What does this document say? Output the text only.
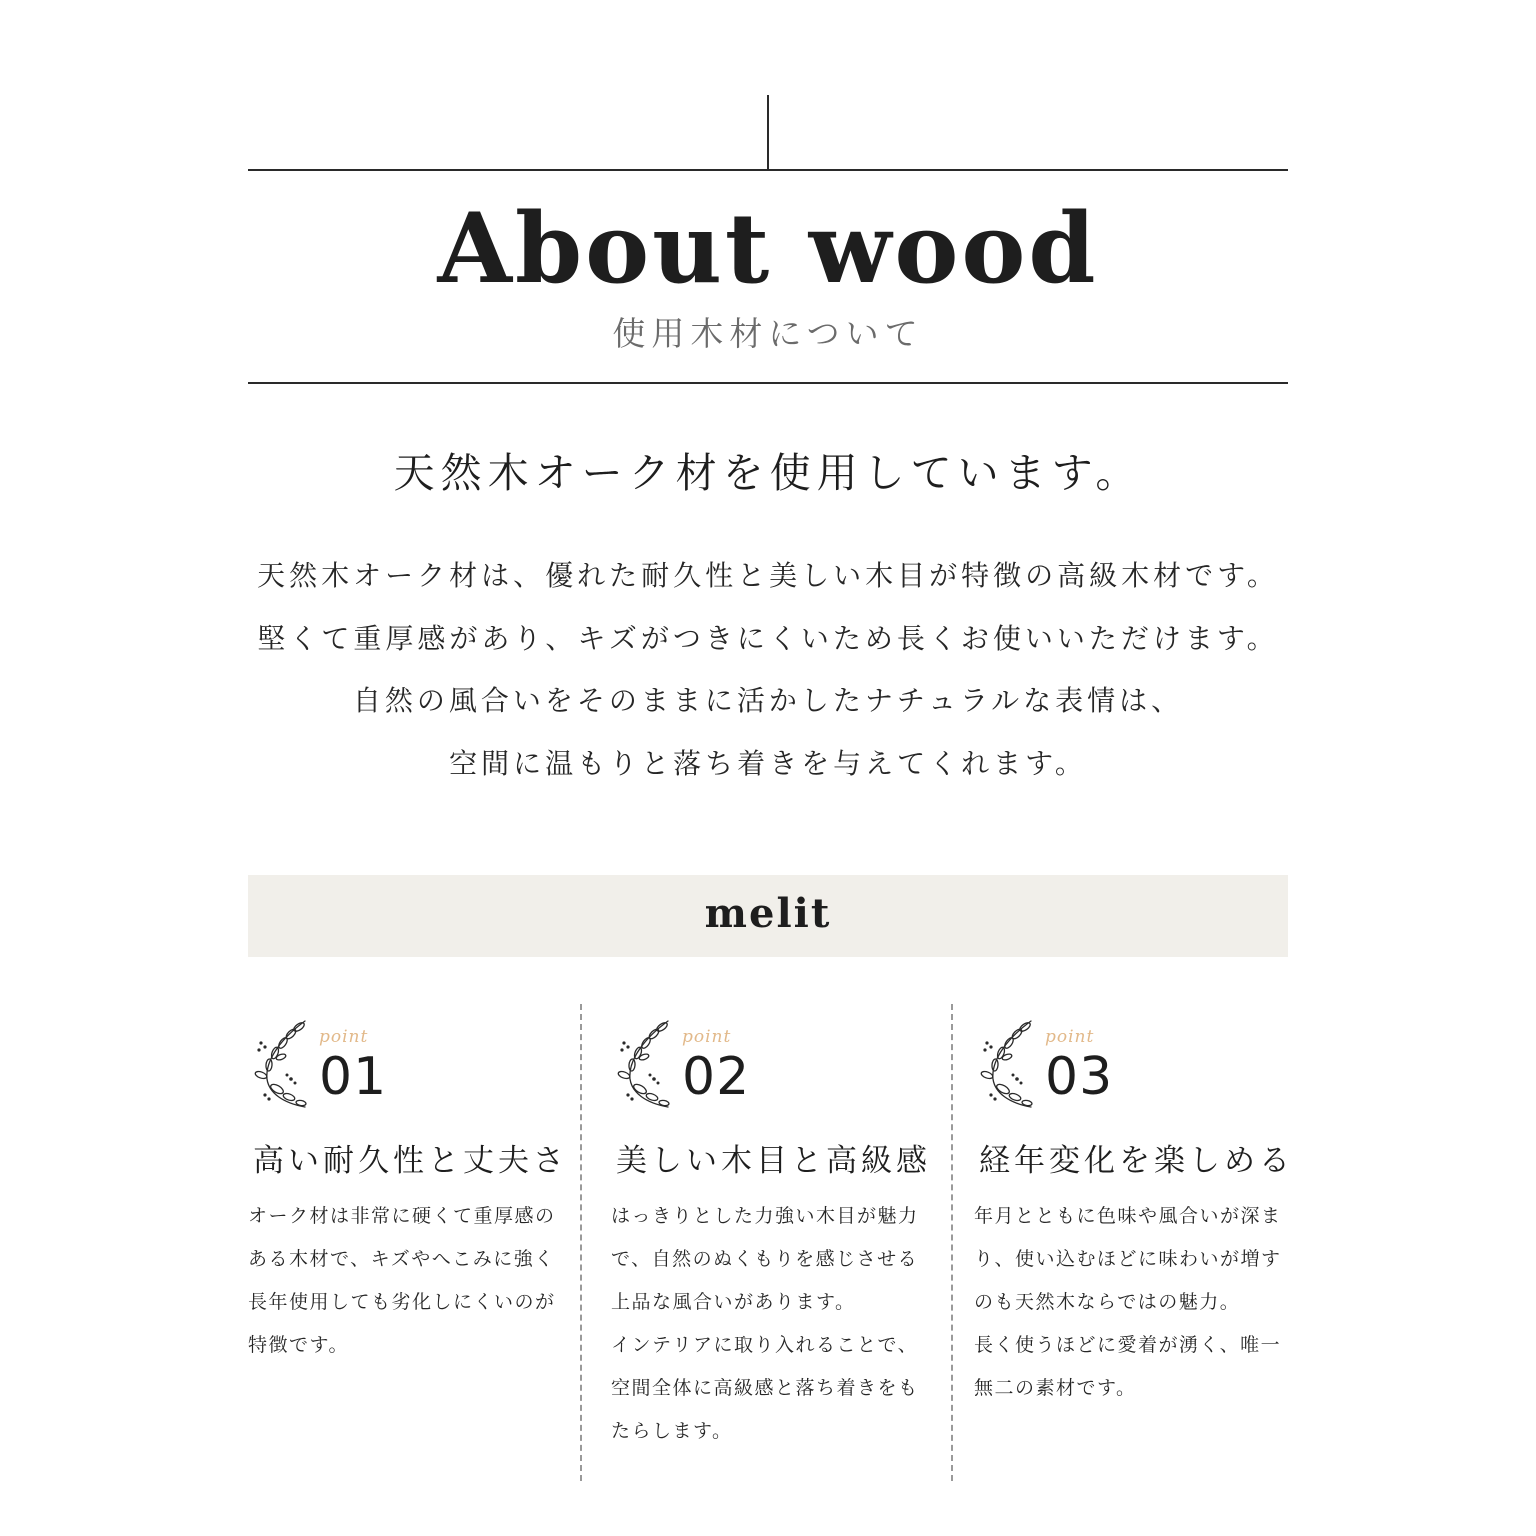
About wood
使用木材について
天然木オーク材を使用しています。
天然木オーク材は、優れた耐久性と美しい木目が特徴の高級木材です。
堅くて重厚感があり、キズがつきにくいため長くお使いいただけます。
自然の風合いをそのままに活かしたナチュラルな表情は、
空間に温もりと落ち着きを与えてくれます。
melit
point
01
高い耐久性と丈夫さ
オーク材は非常に硬くて重厚感の
ある木材で、キズやへこみに強く
長年使用しても劣化しにくいのが
特徴です。
point
02
美しい木目と高級感
はっきりとした力強い木目が魅力
で、自然のぬくもりを感じさせる
上品な風合いがあります。
インテリアに取り入れることで、
空間全体に高級感と落ち着きをも
たらします。
point
03
経年変化を楽しめる
年月とともに色味や風合いが深ま
り、使い込むほどに味わいが増す
のも天然木ならではの魅力。
長く使うほどに愛着が湧く、唯一
無二の素材です。
